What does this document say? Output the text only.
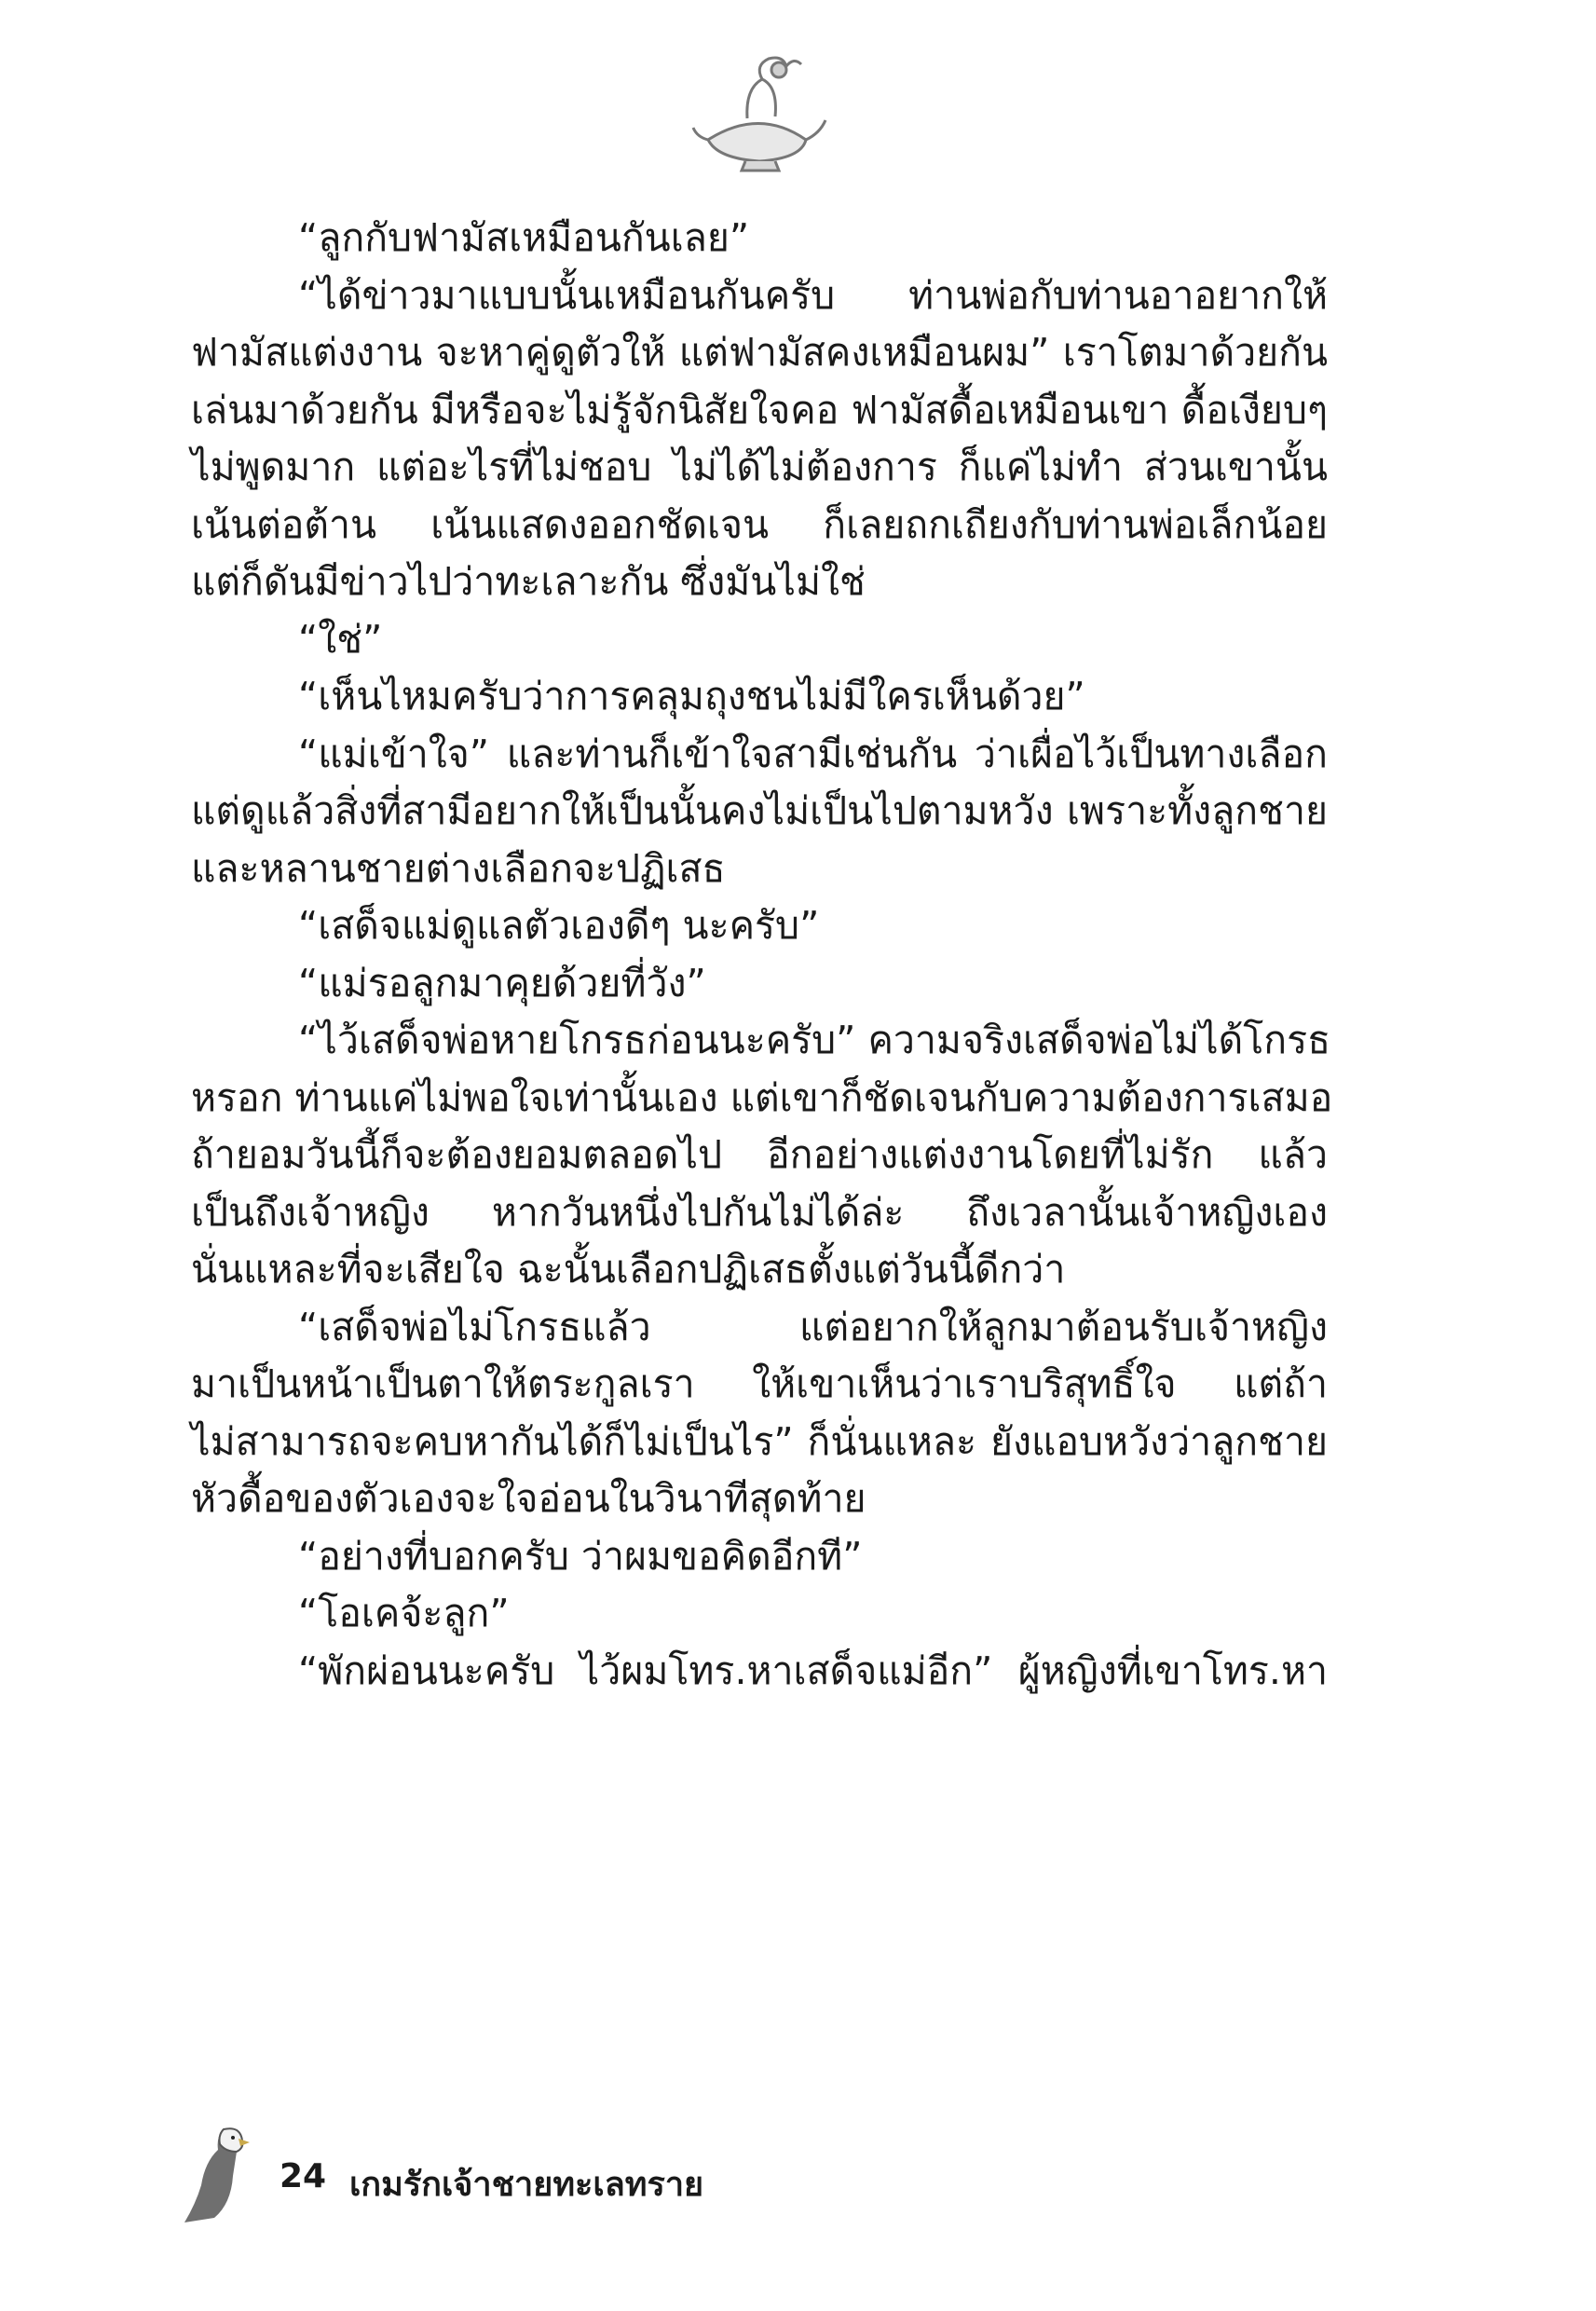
“ลูกกับฟามัสเหมือนกันเลย”

“ได้ข่าวมาแบบนั้นเหมือนกันครับ ท่านพ่อกับท่านอาอยากให้

ฟามัสแต่งงาน จะหาคู่ดูตัวให้ แต่ฟามัสคงเหมือนผม” เราโตมาด้วยกัน

เล่นมาด้วยกัน มีหรือจะไม่รู้จักนิสัยใจคอ ฟามัสดื้อเหมือนเขา ดื้อเงียบๆ

ไม่พูดมาก แต่อะไรที่ไม่ชอบ ไม่ได้ไม่ต้องการ ก็แค่ไม่ทำ ส่วนเขานั้น

เน้นต่อต้าน เน้นแสดงออกชัดเจน ก็เลยถกเถียงกับท่านพ่อเล็กน้อย

แต่ก็ดันมีข่าวไปว่าทะเลาะกัน ซึ่งมันไม่ใช่

“ใช่”

“เห็นไหมครับว่าการคลุมถุงชนไม่มีใครเห็นด้วย”

“แม่เข้าใจ” และท่านก็เข้าใจสามีเช่นกัน ว่าเผื่อไว้เป็นทางเลือก

แต่ดูแล้วสิ่งที่สามีอยากให้เป็นนั้นคงไม่เป็นไปตามหวัง เพราะทั้งลูกชาย

และหลานชายต่างเลือกจะปฏิเสธ

“เสด็จแม่ดูแลตัวเองดีๆ นะครับ”

“แม่รอลูกมาคุยด้วยที่วัง”

“ไว้เสด็จพ่อหายโกรธก่อนนะครับ” ความจริงเสด็จพ่อไม่ได้โกรธ

หรอก ท่านแค่ไม่พอใจเท่านั้นเอง แต่เขาก็ชัดเจนกับความต้องการเสมอ

ถ้ายอมวันนี้ก็จะต้องยอมตลอดไป อีกอย่างแต่งงานโดยที่ไม่รัก แล้ว

เป็นถึงเจ้าหญิง หากวันหนึ่งไปกันไม่ได้ล่ะ ถึงเวลานั้นเจ้าหญิงเอง

นั่นแหละที่จะเสียใจ ฉะนั้นเลือกปฏิเสธตั้งแต่วันนี้ดีกว่า

“เสด็จพ่อไม่โกรธแล้ว แต่อยากให้ลูกมาต้อนรับเจ้าหญิง

มาเป็นหน้าเป็นตาให้ตระกูลเรา ให้เขาเห็นว่าเราบริสุทธิ์ใจ แต่ถ้า

ไม่สามารถจะคบหากันได้ก็ไม่เป็นไร” ก็นั่นแหละ ยังแอบหวังว่าลูกชาย

หัวดื้อของตัวเองจะใจอ่อนในวินาทีสุดท้าย

“อย่างที่บอกครับ ว่าผมขอคิดอีกที”

“โอเคจ้ะลูก”

“พักผ่อนนะครับ ไว้ผมโทร.หาเสด็จแม่อีก” ผู้หญิงที่เขาโทร.หา

24 เกมรักเจ้าชายทะเลทราย
